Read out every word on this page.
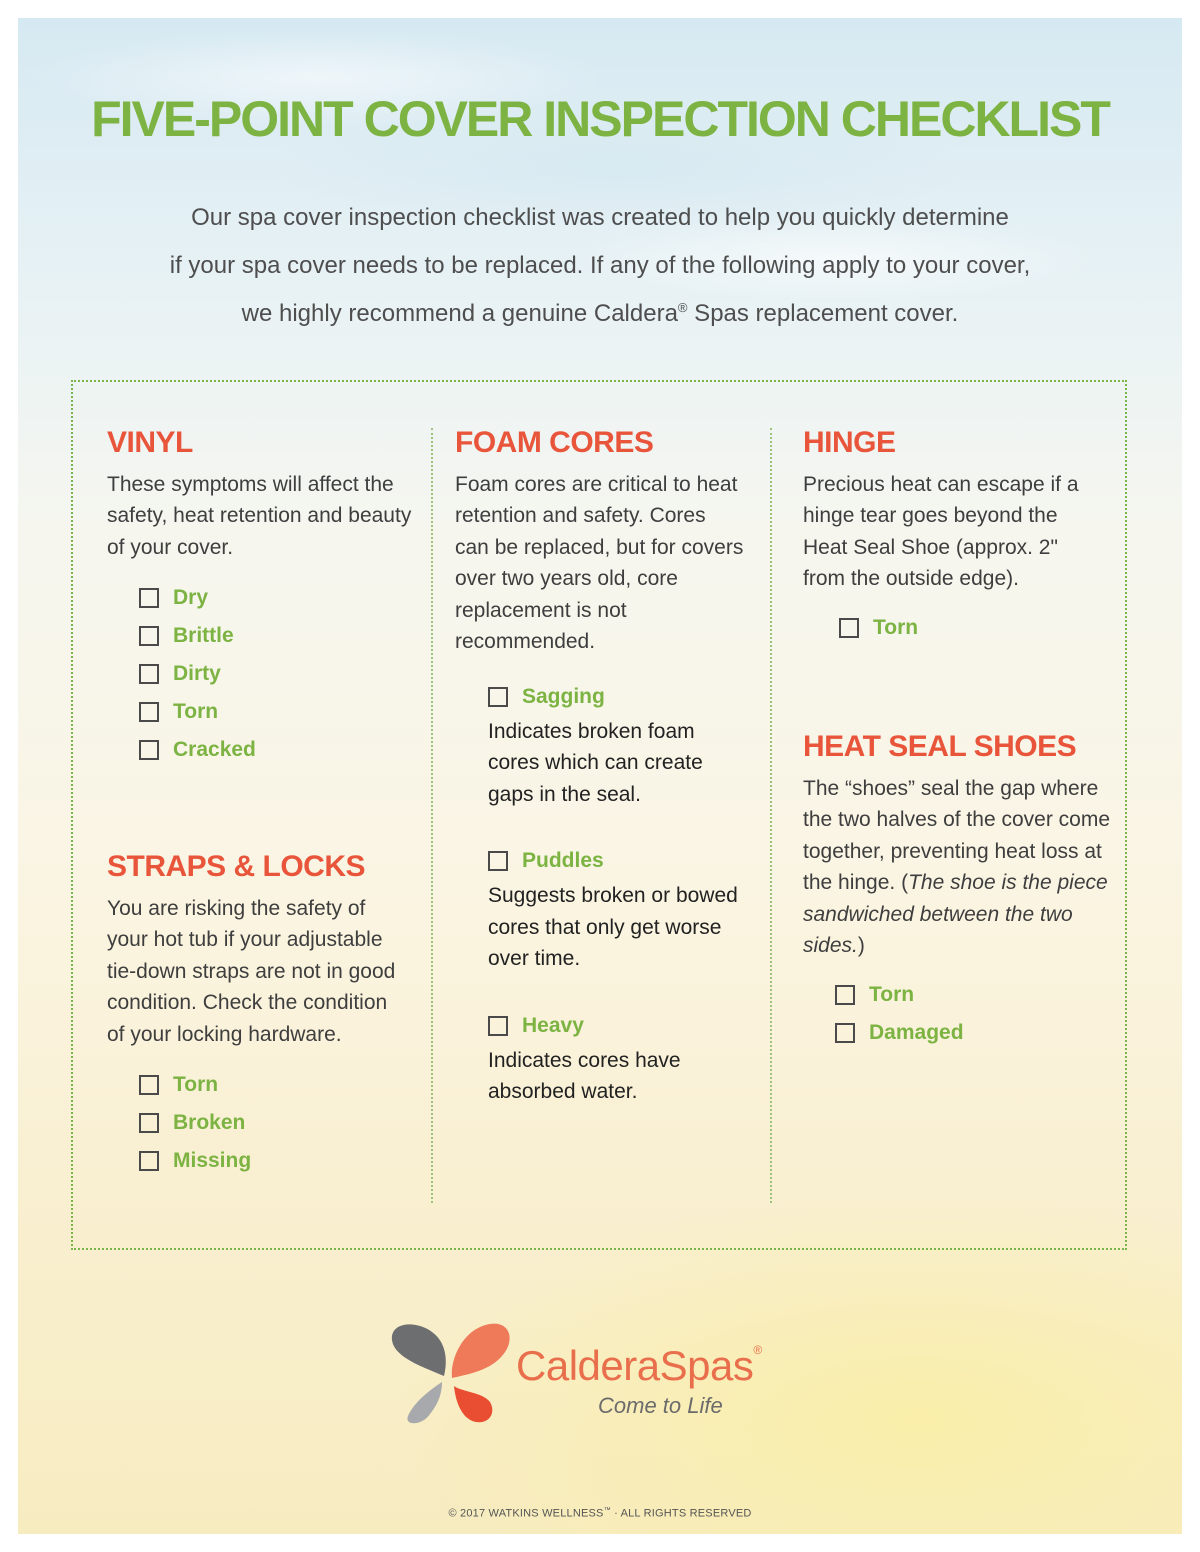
FIVE-POINT COVER INSPECTION CHECKLIST

Our spa cover inspection checklist was created to help you quickly determine
if your spa cover needs to be replaced. If any of the following apply to your cover,
we highly recommend a genuine Caldera® Spas replacement cover.

VINYL

These symptoms will affect the safety, heat retention and beauty of your cover.

Dry
Brittle
Dirty
Torn
Cracked
STRAPS & LOCKS

You are risking the safety of your hot tub if your adjustable tie-down straps are not in good condition. Check the condition of your locking hardware.

Torn
Broken
Missing
FOAM CORES

Foam cores are critical to heat retention and safety. Cores can be replaced, but for covers over two years old, core replacement is not recommended.

Sagging

Indicates broken foam cores which can create gaps in the seal.

Puddles

Suggests broken or bowed cores that only get worse over time.

Heavy

Indicates cores have absorbed water.

HINGE

Precious heat can escape if a hinge tear goes beyond the Heat Seal Shoe (approx. 2" from the outside edge).

Torn
HEAT SEAL SHOES

The “shoes” seal the gap where the two halves of the cover come together, preventing heat loss at the hinge. (The shoe is the piece sandwiched between the two sides.)

Torn
Damaged
CalderaSpas®
Come to Life
© 2017 WATKINS WELLNESS™ · ALL RIGHTS RESERVED
